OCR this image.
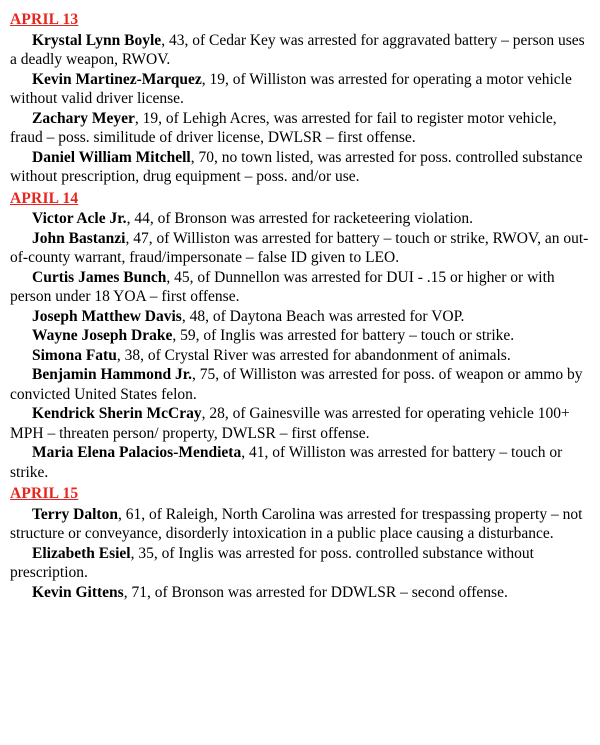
APRIL 13

Krystal Lynn Boyle, 43, of Cedar Key was arrested for aggravated battery – person uses a deadly weapon, RWOV.

Kevin Martinez-Marquez, 19, of Williston was arrested for operating a motor vehicle without valid driver license.

Zachary Meyer, 19, of Lehigh Acres, was arrested for fail to register motor vehicle, fraud – poss. similitude of driver license, DWLSR – first offense.

Daniel William Mitchell, 70, no town listed, was arrested for poss. controlled substance without prescription, drug equipment – poss. and/or use.

APRIL 14

Victor Acle Jr., 44, of Bronson was arrested for racketeering violation.

John Bastanzi, 47, of Williston was arrested for battery – touch or strike, RWOV, an out-of-county warrant, fraud/impersonate – false ID given to LEO.

Curtis James Bunch, 45, of Dunnellon was arrested for DUI - .15 or higher or with person under 18 YOA – first offense.

Joseph Matthew Davis, 48, of Daytona Beach was arrested for VOP.

Wayne Joseph Drake, 59, of Inglis was arrested for battery – touch or strike.

Simona Fatu, 38, of Crystal River was arrested for abandonment of animals.

Benjamin Hammond Jr., 75, of Williston was arrested for poss. of weapon or ammo by convicted United States felon.

Kendrick Sherin McCray, 28, of Gainesville was arrested for operating vehicle 100+ MPH – threaten person/ property, DWLSR – first offense.

Maria Elena Palacios-Mendieta, 41, of Williston was arrested for battery – touch or strike.

APRIL 15

Terry Dalton, 61, of Raleigh, North Carolina was arrested for trespassing property – not structure or conveyance, disorderly intoxication in a public place causing a disturbance.

Elizabeth Esiel, 35, of Inglis was arrested for poss. controlled substance without prescription.

Kevin Gittens, 71, of Bronson was arrested for DDWLSR – second offense.
